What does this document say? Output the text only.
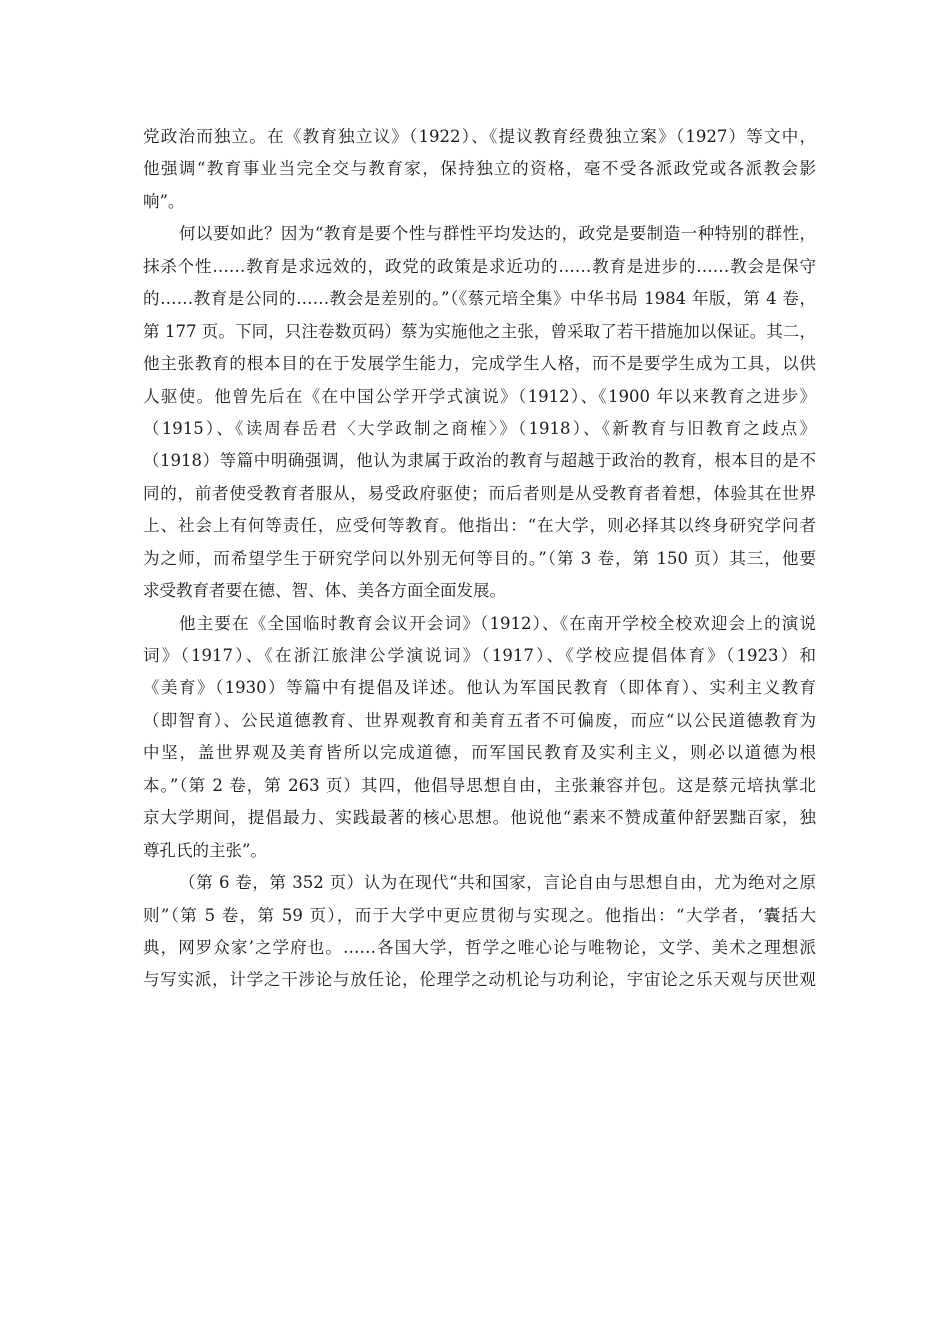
党政治而独立。在《教育独立议》（1922）、《提议教育经费独立案》（1927）等文中，
他强调“教育事业当完全交与教育家，保持独立的资格，毫不受各派政党或各派教会影
响”。
何以要如此？因为“教育是要个性与群性平均发达的，政党是要制造一种特别的群性，
抹杀个性……教育是求远效的，政党的政策是求近功的……教育是进步的……教会是保守
的……教育是公同的……教会是差别的。”（《蔡元培全集》中华书局 1984 年版，第 4 卷，
第 177 页。下同，只注卷数页码）蔡为实施他之主张，曾采取了若干措施加以保证。其二，
他主张教育的根本目的在于发展学生能力，完成学生人格，而不是要学生成为工具，以供
人驱使。他曾先后在《在中国公学开学式演说》（1912）、《1900 年以来教育之进步》
（1915）、《读周春岳君〈大学政制之商榷〉》（1918）、《新教育与旧教育之歧点》
（1918）等篇中明确强调，他认为隶属于政治的教育与超越于政治的教育，根本目的是不
同的，前者使受教育者服从，易受政府驱使；而后者则是从受教育者着想，体验其在世界
上、社会上有何等责任，应受何等教育。他指出：“在大学，则必择其以终身研究学问者
为之师，而希望学生于研究学问以外别无何等目的。”（第 3 卷，第 150 页）其三，他要
求受教育者要在德、智、体、美各方面全面发展。
他主要在《全国临时教育会议开会词》（1912）、《在南开学校全校欢迎会上的演说
词》（1917）、《在浙江旅津公学演说词》（1917）、《学校应提倡体育》（1923）和
《美育》（1930）等篇中有提倡及详述。他认为军国民教育（即体育）、实利主义教育
（即智育）、公民道德教育、世界观教育和美育五者不可偏废，而应“以公民道德教育为
中坚，盖世界观及美育皆所以完成道德，而军国民教育及实利主义，则必以道德为根
本。”（第 2 卷，第 263 页）其四，他倡导思想自由，主张兼容并包。这是蔡元培执掌北
京大学期间，提倡最力、实践最著的核心思想。他说他“素来不赞成董仲舒罢黜百家，独
尊孔氏的主张”。
（第 6 卷，第 352 页）认为在现代“共和国家，言论自由与思想自由，尤为绝对之原
则”（第 5 卷，第 59 页），而于大学中更应贯彻与实现之。他指出：“大学者，‘囊括大
典，网罗众家’之学府也。……各国大学，哲学之唯心论与唯物论，文学、美术之理想派
与写实派，计学之干涉论与放任论，伦理学之动机论与功利论，宇宙论之乐天观与厌世观
